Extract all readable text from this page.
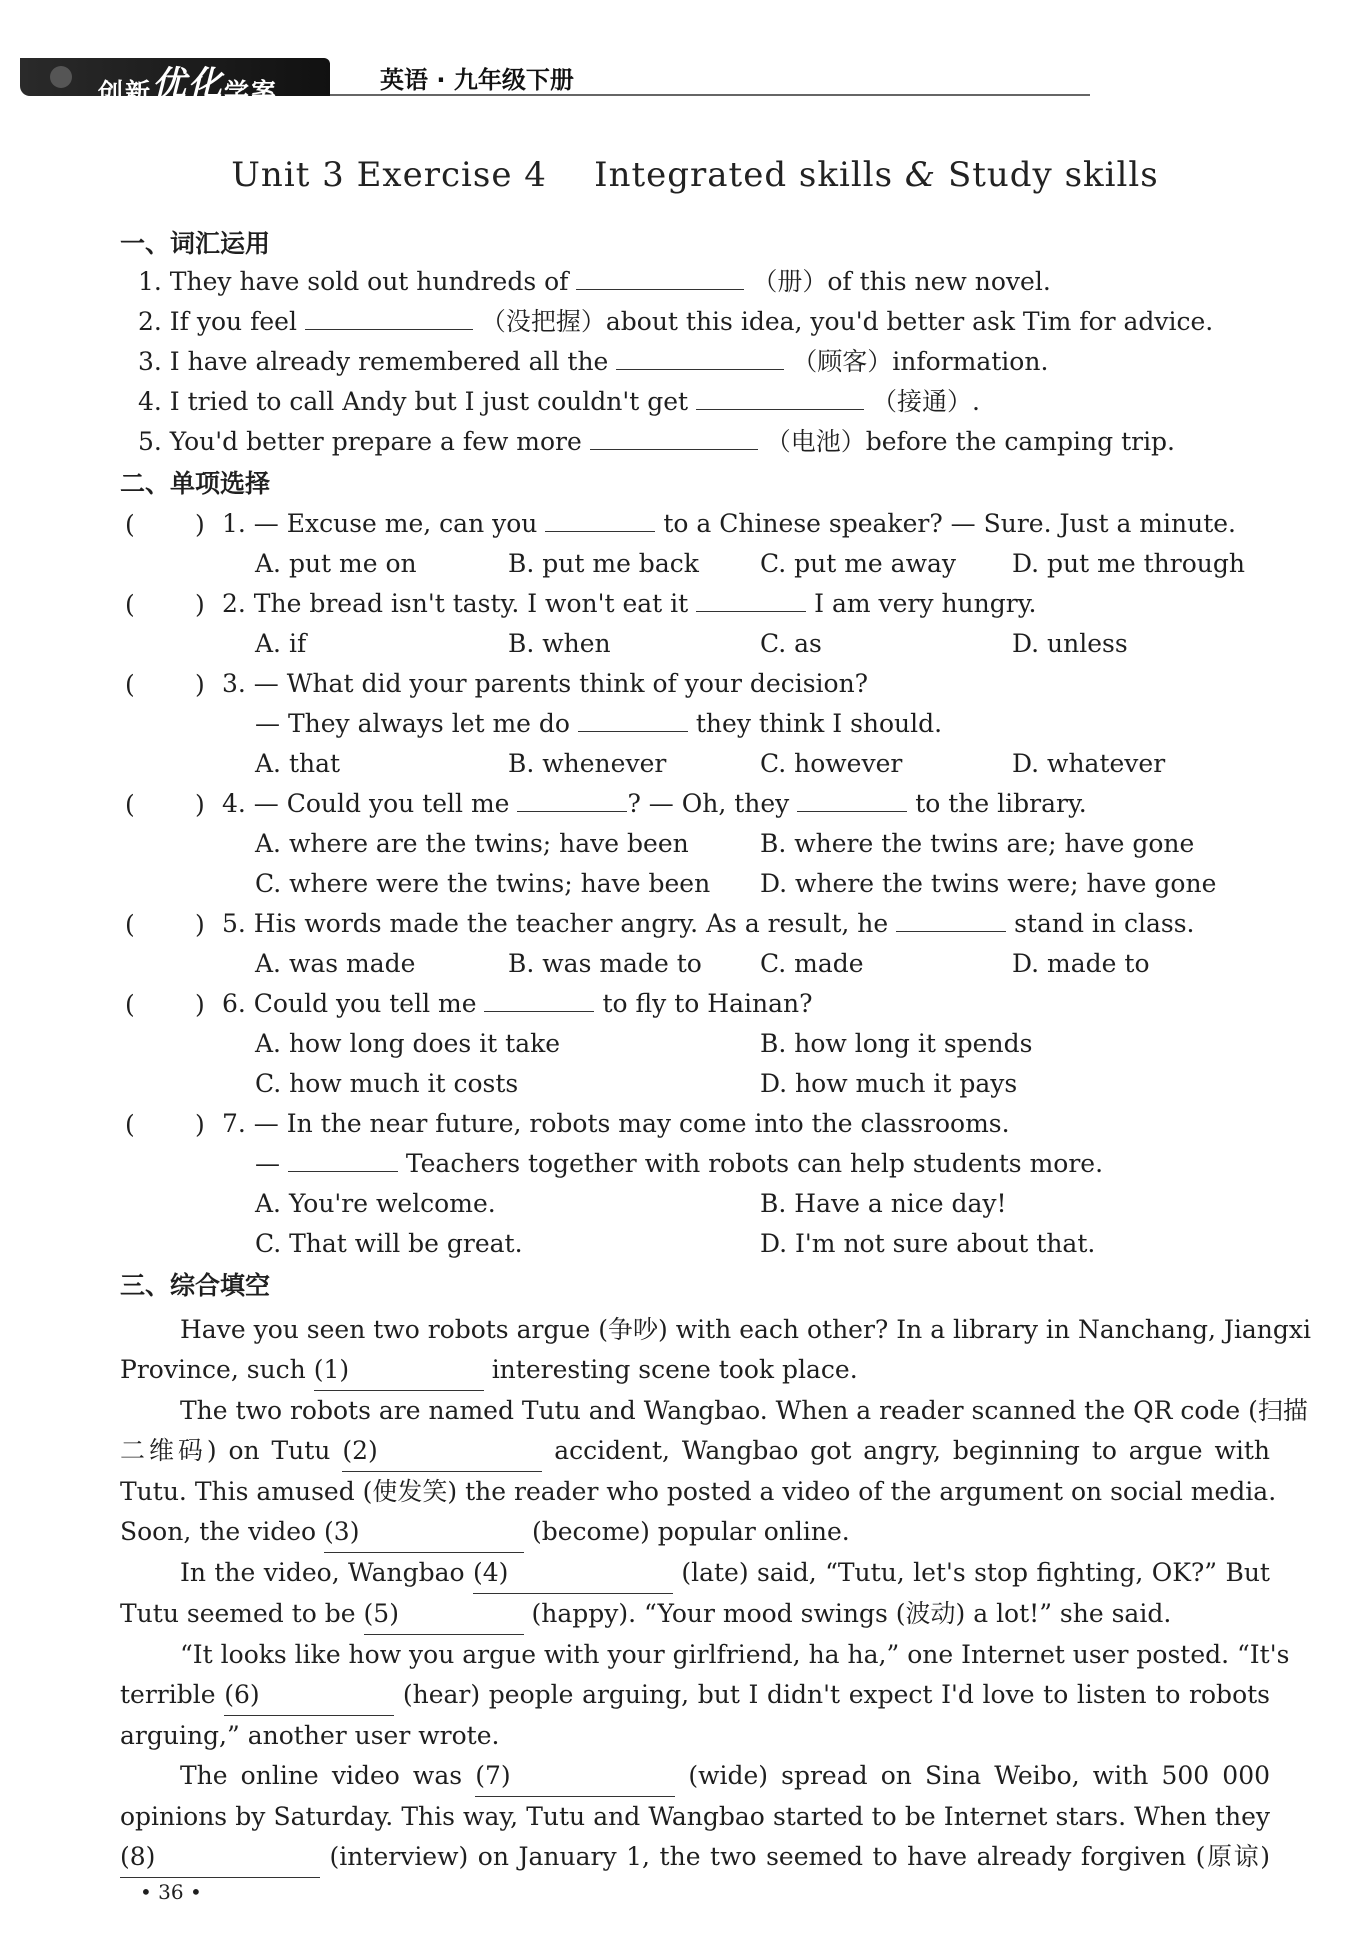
创新优化学案	英语 · 九年级下册
Unit 3 Exercise 4 Integrated skills & Study skills
一、词汇运用
1. They have sold out hundreds of	（册）of this new novel.
2. If you feel	（没把握）about this idea, you'd better ask Tim for advice.
3. I have already remembered all the	（顾客）information.
4. I tried to call Andy but I just couldn't get	（接通）.
5. You'd better prepare a few more	（电池）before the camping trip.
二、单项选择
( ) 1. — Excuse me, can you	to a Chinese speaker? — Sure. Just a minute.
A. put me on	B. put me back C. put me away D. put me through
( ) 2. The bread isn't tasty. I won't eat it	I am very hungry.
A. if	B. when	C. as	D. unless
( ) 3. — What did your parents think of your decision?
— They always let me do	they think I should.
A. that	B. whenever	C. however	D. whatever
( ) 4. — Could you tell me	? — Oh, they	to the library.
A. where are the twins; have been	B. where the twins are; have gone
C. where were the twins; have been D. where the twins were; have gone
( ) 5. His words made the teacher angry. As a result, he	stand in class.
A. was made	B. was made to C. made	D. made to
( ) 6. Could you tell me	to fly to Hainan?
A. how long does it take	B. how long it spends
C. how much it costs	D. how much it pays
( ) 7. — In the near future, robots may come into the classrooms.
—	Teachers together with robots can help students more.
A. You're welcome.	B. Have a nice day!
C. That will be great.	D. I'm not sure about that.
三、综合填空
Have you seen two robots argue (争吵) with each other? In a library in Nanchang, Jiangxi
Province, such (1)	interesting scene took place.
The two robots are named Tutu and Wangbao. When a reader scanned the QR code (扫描
二维码) on Tutu (2)	accident, Wangbao got angry, beginning to argue with
Tutu. This amused (使发笑) the reader who posted a video of the argument on social media.
Soon, the video (3)	(become) popular online.

In the video, Wangbao (4)	(late) said, “Tutu, let's stop fighting, OK?” But
Tutu seemed to be (5)	(happy). “Your mood swings (波动) a lot!” she said.

“It looks like how you argue with your girlfriend, ha ha,” one Internet user posted. “It's
terrible (6)	(hear) people arguing, but I didn't expect I'd love to listen to robots
arguing,” another user wrote.

The online video was (7)	(wide) spread on Sina Weibo, with 500 000
opinions by Saturday. This way, Tutu and Wangbao started to be Internet stars. When they
(8)	(interview) on January 1, the two seemed to have already forgiven (原谅)
• 36 •
